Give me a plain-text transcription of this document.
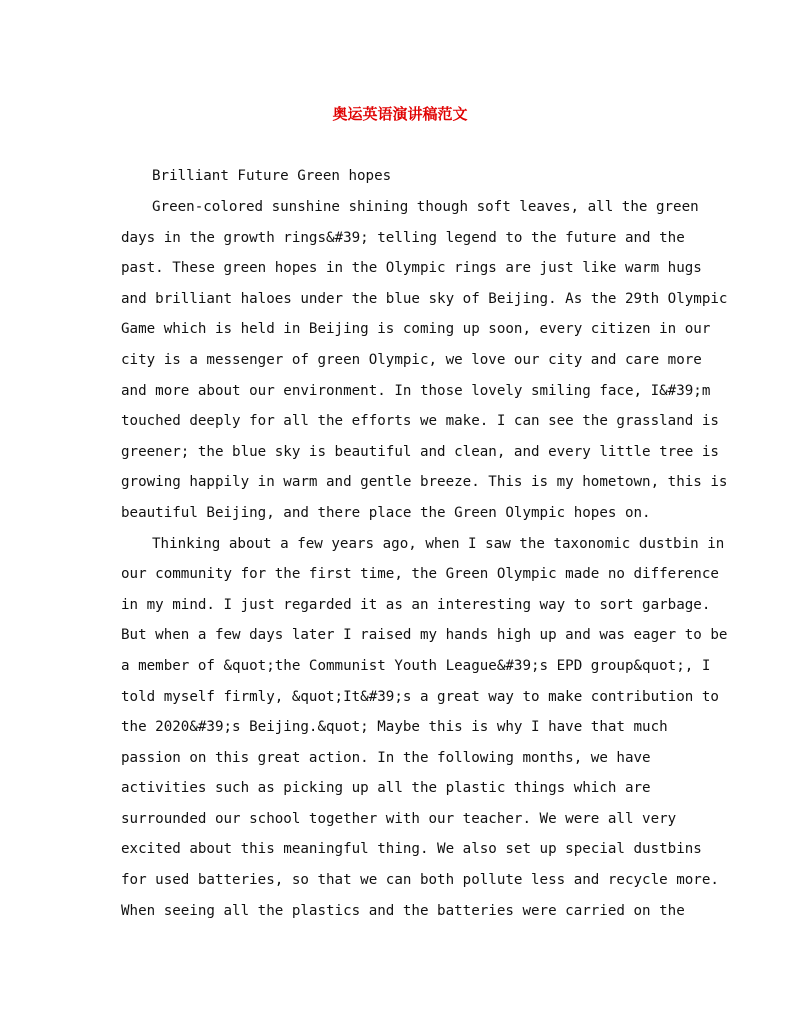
奥运英语演讲稿范文
Brilliant Future Green hopes
Green-colored sunshine shining though soft leaves, all the green
days in the growth rings&#39; telling legend to the future and the
past. These green hopes in the Olympic rings are just like warm hugs
and brilliant haloes under the blue sky of Beijing. As the 29th Olympic
Game which is held in Beijing is coming up soon, every citizen in our
city is a messenger of green Olympic, we love our city and care more
and more about our environment. In those lovely smiling face, I&#39;m
touched deeply for all the efforts we make. I can see the grassland is
greener; the blue sky is beautiful and clean, and every little tree is
growing happily in warm and gentle breeze. This is my hometown, this is
beautiful Beijing, and there place the Green Olympic hopes on.
Thinking about a few years ago, when I saw the taxonomic dustbin in
our community for the first time, the Green Olympic made no difference
in my mind. I just regarded it as an interesting way to sort garbage.
But when a few days later I raised my hands high up and was eager to be
a member of &quot;the Communist Youth League&#39;s EPD group&quot;, I
told myself firmly, &quot;It&#39;s a great way to make contribution to
the 2020&#39;s Beijing.&quot; Maybe this is why I have that much
passion on this great action. In the following months, we have
activities such as picking up all the plastic things which are
surrounded our school together with our teacher. We were all very
excited about this meaningful thing. We also set up special dustbins
for used batteries, so that we can both pollute less and recycle more.
When seeing all the plastics and the batteries were carried on the
